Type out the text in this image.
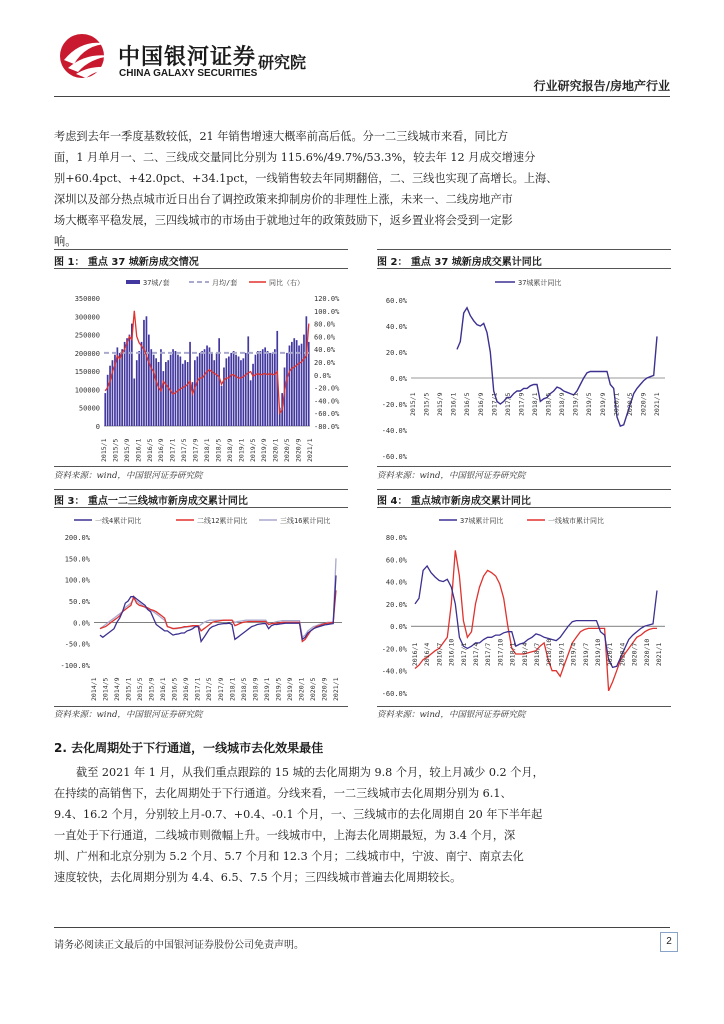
中国银河证券
CHINA GALAXY SECURITIES
研究院
行业研究报告/房地产行业
考虑到去年一季度基数较低，21 年销售增速大概率前高后低。分一二三线城市来看，同比方
面，1 月单月一、二、三线成交量同比分别为 115.6%/49.7%/53.3%，较去年 12 月成交增速分
别+60.4pct、+42.0pct、+34.1pct，一线销售较去年同期翻倍，二、三线也实现了高增长。上海、
深圳以及部分热点城市近日出台了调控政策来抑制房价的非理性上涨，未来一、二线房地产市
场大概率平稳发展，三四线城市的市场由于就地过年的政策鼓励下，返乡置业将会受到一定影
响。
图 1： 重点 37 城新房成交情况
37城/套	月均/套	同比（右）
350000
300000
250000
200000
150000
100000
50000
0
120.0%
100.0%
80.0%
60.0%
40.0%
20.0%
0.0%
-20.0%
-40.0%
-60.0%
-80.0%
2015/1 2015/5 2015/9 2016/1 2016/5 2016/9 2017/1 2017/5 2017/9 2018/1 2018/5 2018/9 2019/1 2019/5 2019/9 2020/1 2020/5 2020/9 2021/1
资料来源：wind，中国银河证券研究院
图 2： 重点 37 城新房成交累计同比
37城累计同比
60.0%
40.0%
20.0%
0.0%
-20.0%
-40.0%
-60.0%
2015/1 2015/5 2015/9 2016/1 2016/5 2016/9 2017/1 2017/5 2017/9 2018/1 2018/5 2018/9 2019/1 2019/5 2019/9 2020/1 2020/5 2020/9 2021/1
资料来源：wind，中国银河证券研究院
图 3： 重点一二三线城市新房成交累计同比
一线4累计同比	二线12累计同比	三线16累计同比
200.0%
150.0%
100.0%
50.0%
0.0%
-50.0%
-100.0%
2014/1 2014/5 2014/9 2015/1 2015/5 2015/9 2016/1 2016/5 2016/9 2017/1 2017/5 2017/9 2018/1 2018/5 2018/9 2019/1 2019/5 2019/9 2020/1 2020/5 2020/9 2021/1
资料来源：wind，中国银河证券研究院
图 4： 重点城市新房成交累计同比
37城累计同比	一线城市累计同比
80.0%
60.0%
40.0%
20.0%
0.0%
-20.0%
-40.0%
-60.0%
2016/1 2016/4 2016/7 2016/10 2017/1 2017/4 2017/7 2017/10 2018/1 2018/4 2018/7 2018/10 2019/1 2019/4 2019/7 2019/10 2020/1 2020/4 2020/7 2020/10 2021/1
资料来源：wind，中国银河证券研究院
2. 去化周期处于下行通道，一线城市去化效果最佳
截至 2021 年 1 月，从我们重点跟踪的 15 城的去化周期为 9.8 个月，较上月减少 0.2 个月，
在持续的高销售下，去化周期处于下行通道。分线来看，一二三线城市去化周期分别为 6.1、
9.4、16.2 个月，分别较上月-0.7、+0.4、-0.1 个月，一、三线城市的去化周期自 20 年下半年起
一直处于下行通道，二线城市则微幅上升。一线城市中，上海去化周期最短，为 3.4 个月，深
圳、广州和北京分别为 5.2 个月、5.7 个月和 12.3 个月；二线城市中，宁波、南宁、南京去化
速度较快，去化周期分别为 4.4、6.5、7.5 个月；三四线城市普遍去化周期较长。
请务必阅读正文最后的中国银河证券股份公司免责声明。	2
